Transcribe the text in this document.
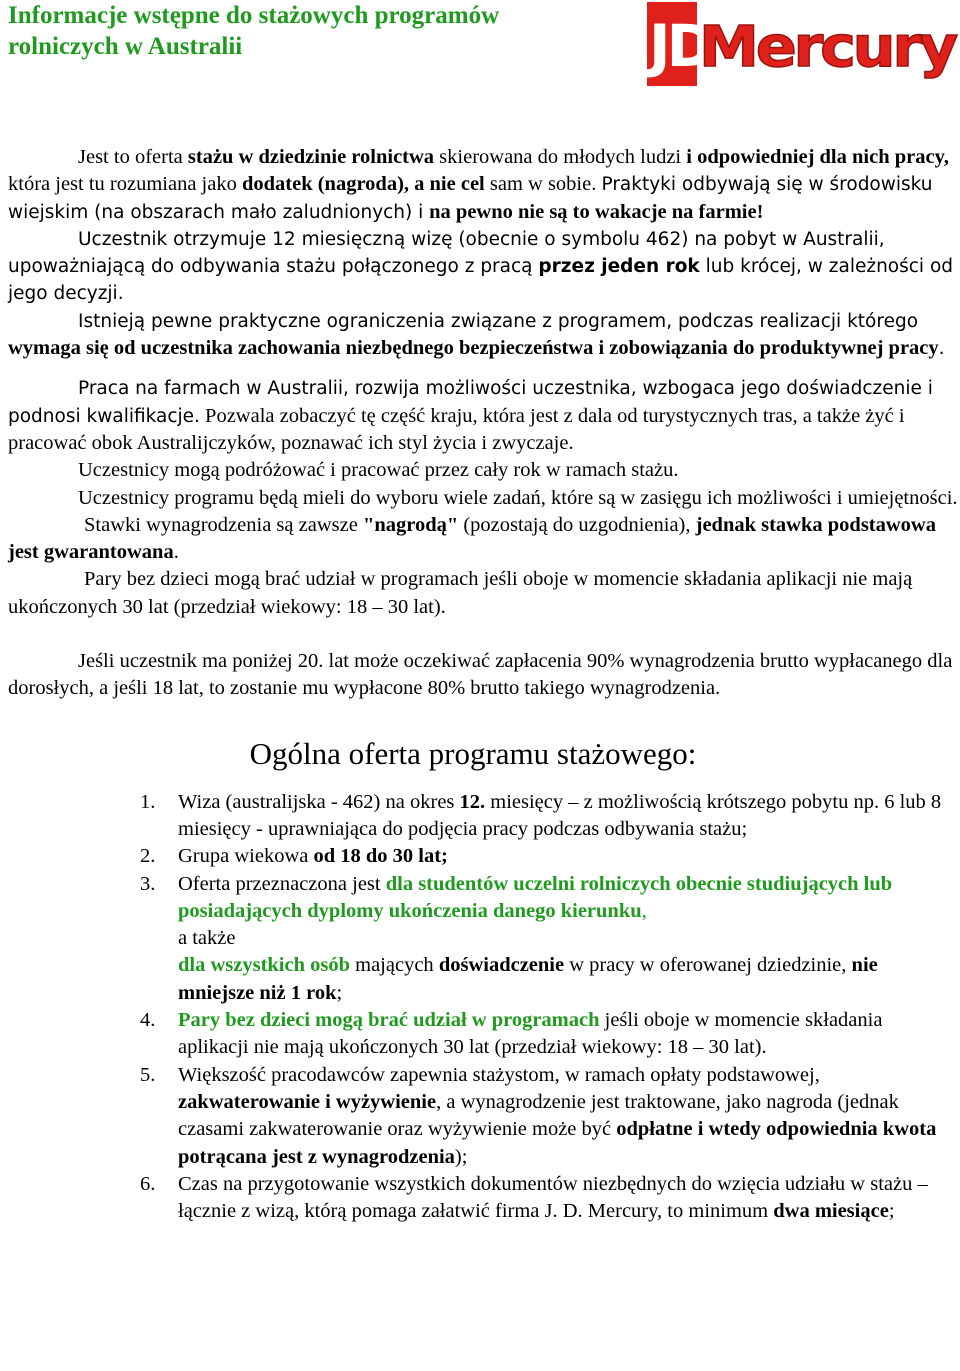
Informacje wstępne do stażowych programów rolniczych w Australii	JD
Mercury

Jest to oferta stażu w dziedzinie rolnictwa skierowana do młodych ludzi i odpowiedniej dla nich pracy, która jest tu rozumiana jako dodatek (nagroda), a nie cel sam w sobie. Praktyki odbywają się w środowisku wiejskim (na obszarach mało zaludnionych) i na pewno nie są to wakacje na farmie!

Uczestnik otrzymuje 12 miesięczną wizę (obecnie o symbolu 462) na pobyt w Australii, upoważniającą do odbywania stażu połączonego z pracą przez jeden rok lub krócej, w zależności od jego decyzji.

Istnieją pewne praktyczne ograniczenia związane z programem, podczas realizacji którego wymaga się od uczestnika zachowania niezbędnego bezpieczeństwa i zobowiązania do produktywnej pracy.

Praca na farmach w Australii, rozwija możliwości uczestnika, wzbogaca jego doświadczenie i podnosi kwalifikacje. Pozwala zobaczyć tę część kraju, która jest z dala od turystycznych tras, a także żyć i pracować obok Australijczyków, poznawać ich styl życia i zwyczaje.

Uczestnicy mogą podróżować i pracować przez cały rok w ramach stażu.

Uczestnicy programu będą mieli do wyboru wiele zadań, które są w zasięgu ich możliwości i umiejętności.

Stawki wynagrodzenia są zawsze "nagrodą" (pozostają do uzgodnienia), jednak stawka podstawowa jest gwarantowana.

Pary bez dzieci mogą brać udział w programach jeśli oboje w momencie składania aplikacji nie mają ukończonych 30 lat (przedział wiekowy: 18 – 30 lat).

Jeśli uczestnik ma poniżej 20. lat może oczekiwać zapłacenia 90% wynagrodzenia brutto wypłacanego dla dorosłych, a jeśli 18 lat, to zostanie mu wypłacone 80% brutto takiego wynagrodzenia.

Ogólna oferta programu stażowego:
1. Wiza (australijska - 462) na okres 12. miesięcy – z możliwością krótszego pobytu np. 6 lub 8 miesięcy - uprawniająca do podjęcia pracy podczas odbywania stażu;
2. Grupa wiekowa od 18 do 30 lat;
3. Oferta przeznaczona jest dla studentów uczelni rolniczych obecnie studiujących lub posiadających dyplomy ukończenia danego kierunku,
a także
dla wszystkich osób mających doświadczenie w pracy w oferowanej dziedzinie, nie mniejsze niż 1 rok;
4. Pary bez dzieci mogą brać udział w programach jeśli oboje w momencie składania aplikacji nie mają ukończonych 30 lat (przedział wiekowy: 18 – 30 lat).
5. Większość pracodawców zapewnia stażystom, w ramach opłaty podstawowej, zakwaterowanie i wyżywienie, a wynagrodzenie jest traktowane, jako nagroda (jednak czasami zakwaterowanie oraz wyżywienie może być odpłatne i wtedy odpowiednia kwota potrącana jest z wynagrodzenia);
6. Czas na przygotowanie wszystkich dokumentów niezbędnych do wzięcia udziału w stażu – łącznie z wizą, którą pomaga załatwić firma J. D. Mercury, to minimum dwa miesiące;
